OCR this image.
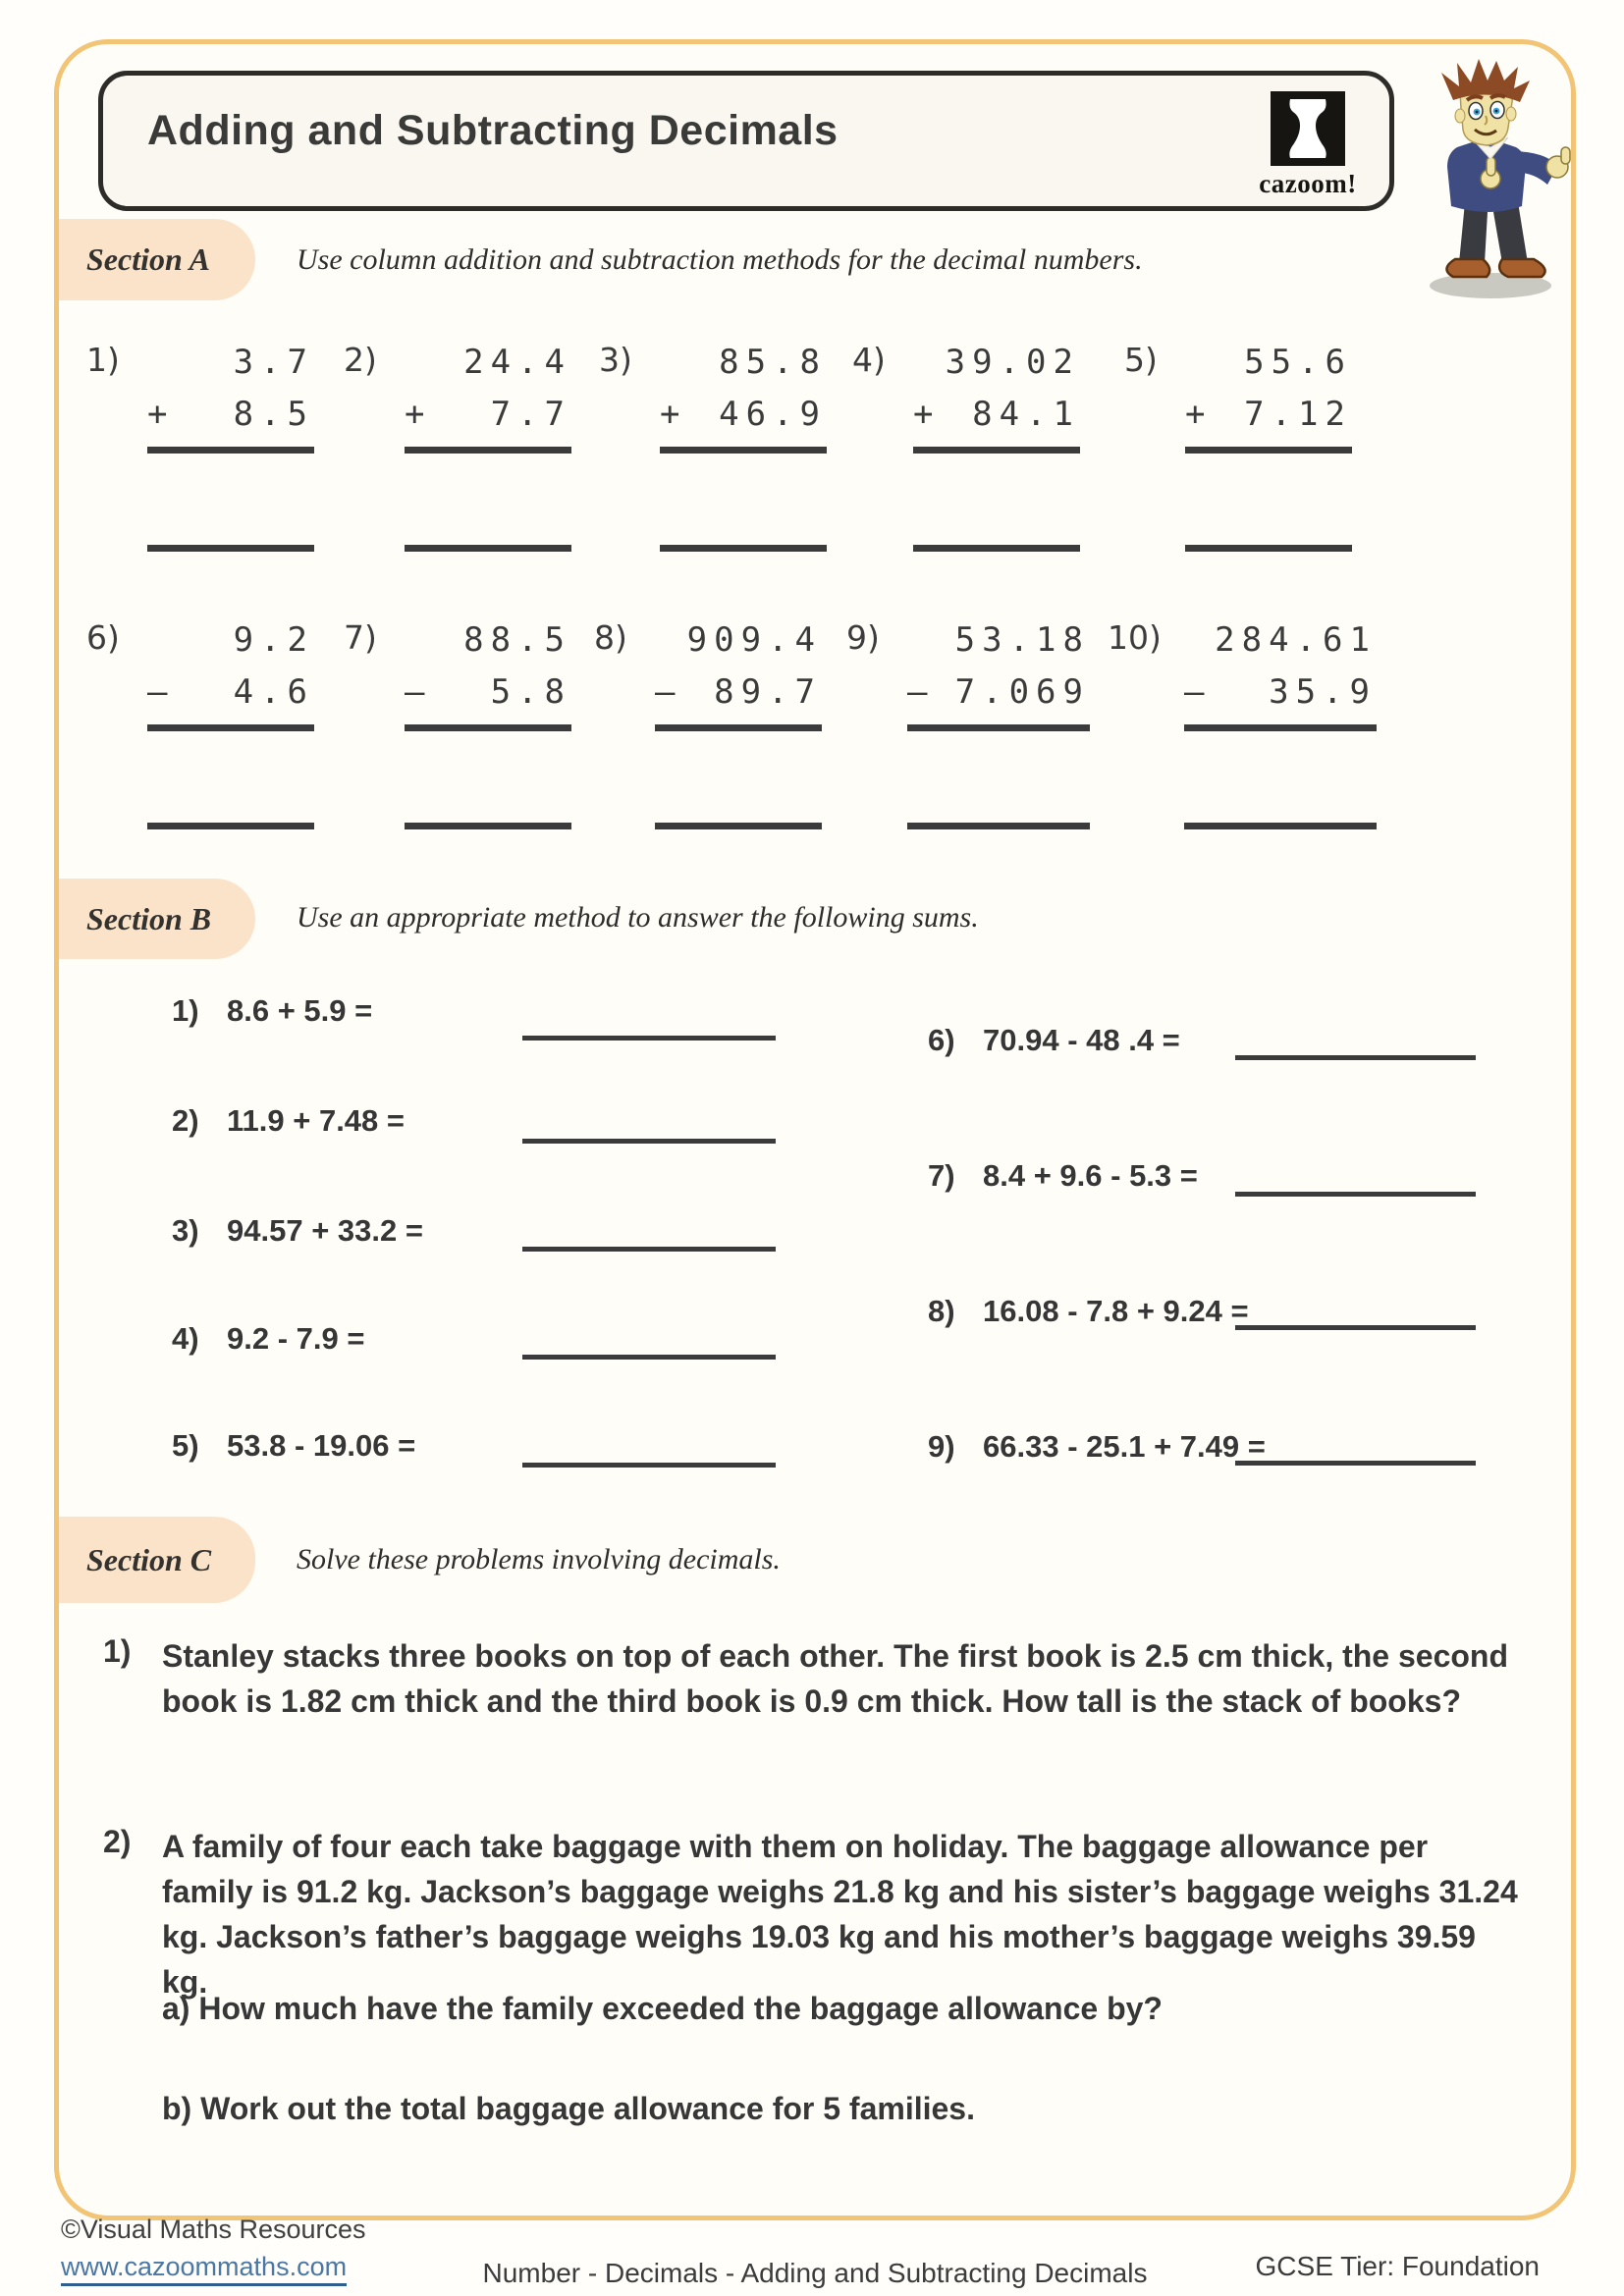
Adding and Subtracting Decimals
cazoom!
Section A	Use column addition and subtraction methods for the decimal numbers.
1)	3.7
+ 8.5
2)	24.4
+ 7.7
3)	85.8
+ 46.9
4)	39.02
+ 84.1
5)	55.6
+ 7.12
6)	9.2
– 4.6
7)	88.5
– 5.8
8)	909.4
– 89.7
9)	53.18
– 7.069
10)	284.61
– 35.9
Section B	Use an appropriate method to answer the following sums.
1) 8.6 + 5.9 =
2) 11.9 + 7.48 =
3) 94.57 + 33.2 =
4) 9.2 - 7.9 =
5) 53.8 - 19.06 =
6) 70.94 - 48 .4 =
7) 8.4 + 9.6 - 5.3 =
8) 16.08 - 7.8 + 9.24 =
9) 66.33 - 25.1 + 7.49 =
Section C	Solve these problems involving decimals.
1) Stanley stacks three books on top of each other. The first book is 2.5 cm thick, the second book is 1.82 cm thick and the third book is 0.9 cm thick. How tall is the stack of books?

2) A family of four each take baggage with them on holiday. The baggage allowance per family is 91.2 kg. Jackson’s baggage weighs 21.8 kg and his sister’s baggage weighs 31.24 kg. Jackson’s father’s baggage weighs 19.03 kg and his mother’s baggage weighs 39.59 kg.

a) How much have the family exceeded the baggage allowance by?

b) Work out the total baggage allowance for 5 families.

©Visual Maths Resources
www.cazoommaths.com	Number - Decimals - Adding and Subtracting Decimals	GCSE Tier: Foundation
